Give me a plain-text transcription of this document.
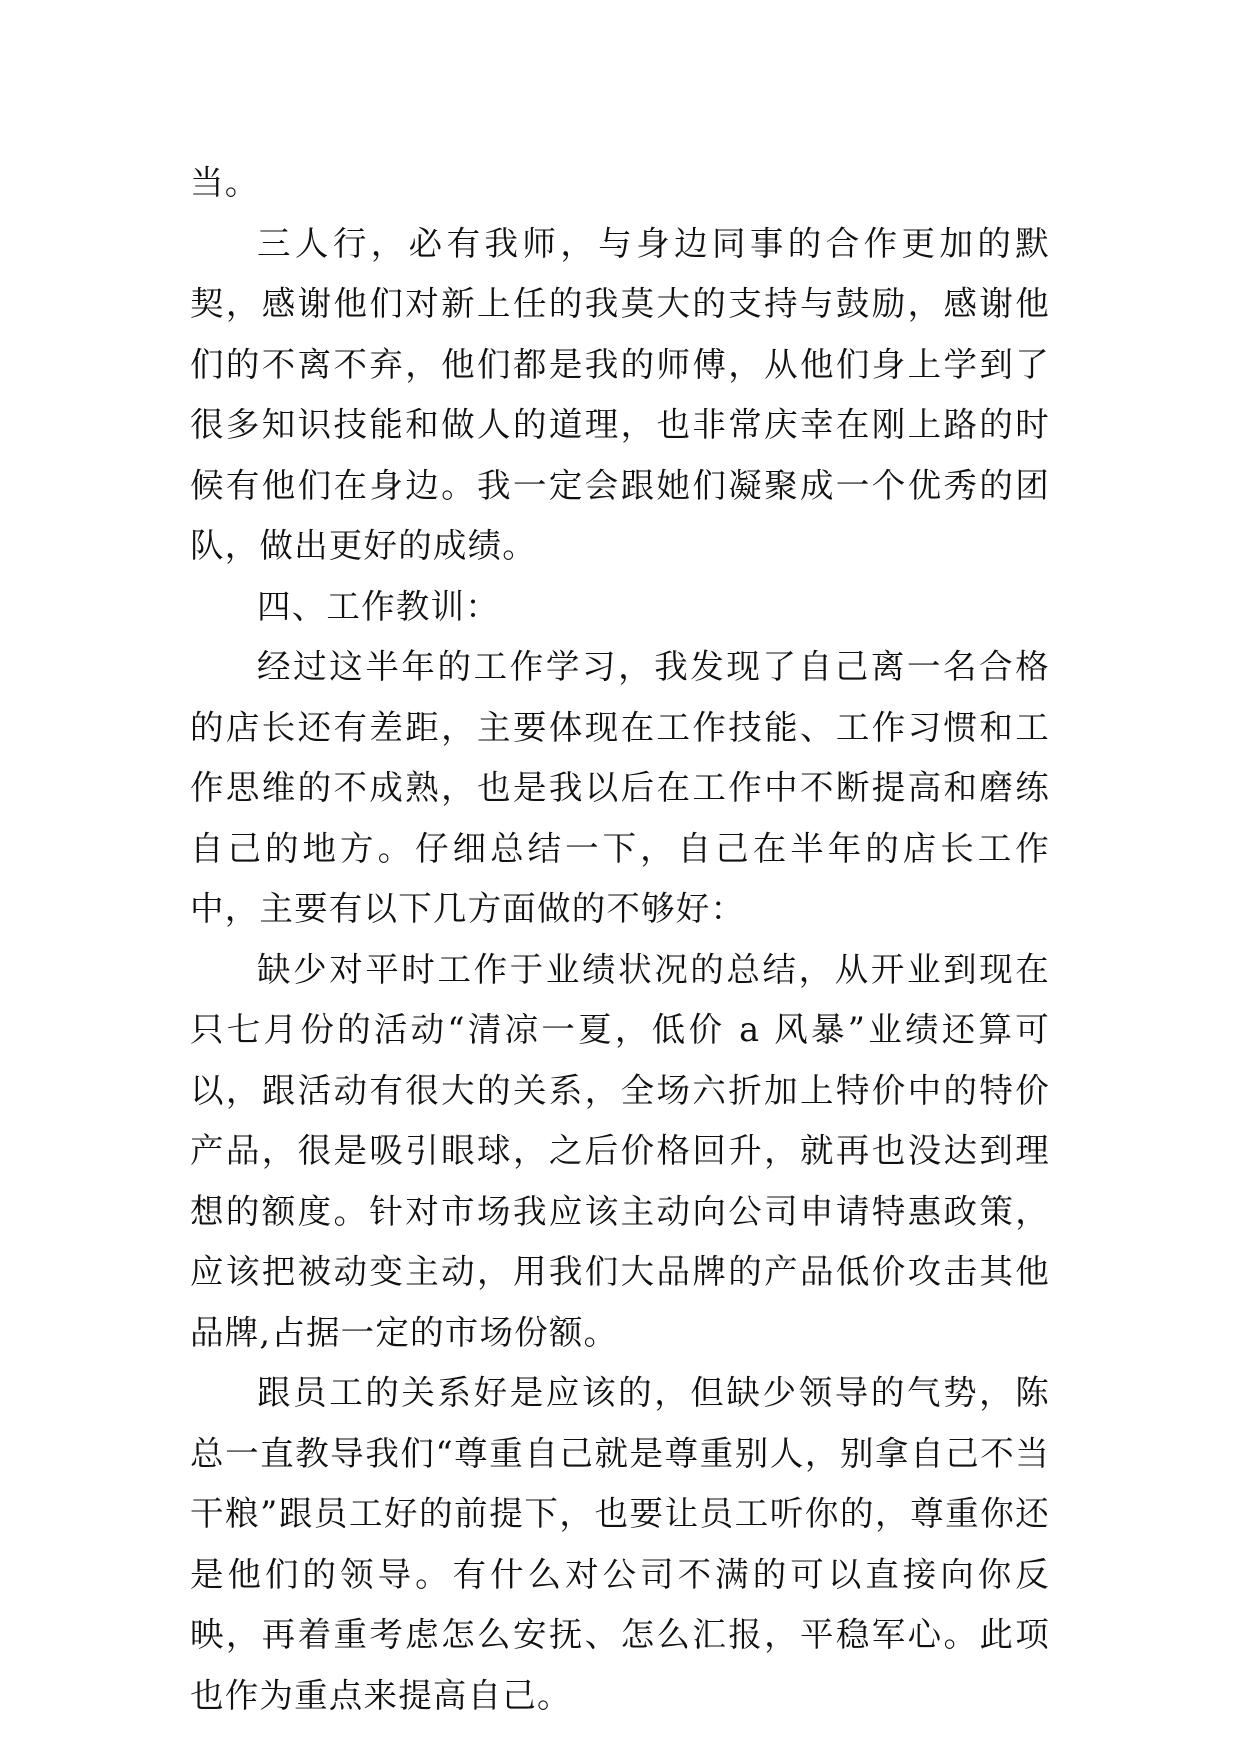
当。

三人行，必有我师，与身边同事的合作更加的默契，感谢他们对新上任的我莫大的支持与鼓励，感谢他们的不离不弃，他们都是我的师傅，从他们身上学到了很多知识技能和做人的道理，也非常庆幸在刚上路的时候有他们在身边。我一定会跟她们凝聚成一个优秀的团队，做出更好的成绩。

四、工作教训：

经过这半年的工作学习，我发现了自己离一名合格的店长还有差距，主要体现在工作技能、工作习惯和工作思维的不成熟，也是我以后在工作中不断提高和磨练自己的地方。仔细总结一下，自己在半年的店长工作中，主要有以下几方面做的不够好：

缺少对平时工作于业绩状况的总结，从开业到现在只七月份的活动“清凉一夏，低价 a 风暴”业绩还算可以，跟活动有很大的关系，全场六折加上特价中的特价产品，很是吸引眼球，之后价格回升，就再也没达到理想的额度。针对市场我应该主动向公司申请特惠政策，应该把被动变主动，用我们大品牌的产品低价攻击其他品牌,占据一定的市场份额。

跟员工的关系好是应该的，但缺少领导的气势，陈总一直教导我们“尊重自己就是尊重别人，别拿自己不当干粮”跟员工好的前提下，也要让员工听你的，尊重你还是他们的领导。有什么对公司不满的可以直接向你反映，再着重考虑怎么安抚、怎么汇报，平稳军心。此项也作为重点来提高自己。
